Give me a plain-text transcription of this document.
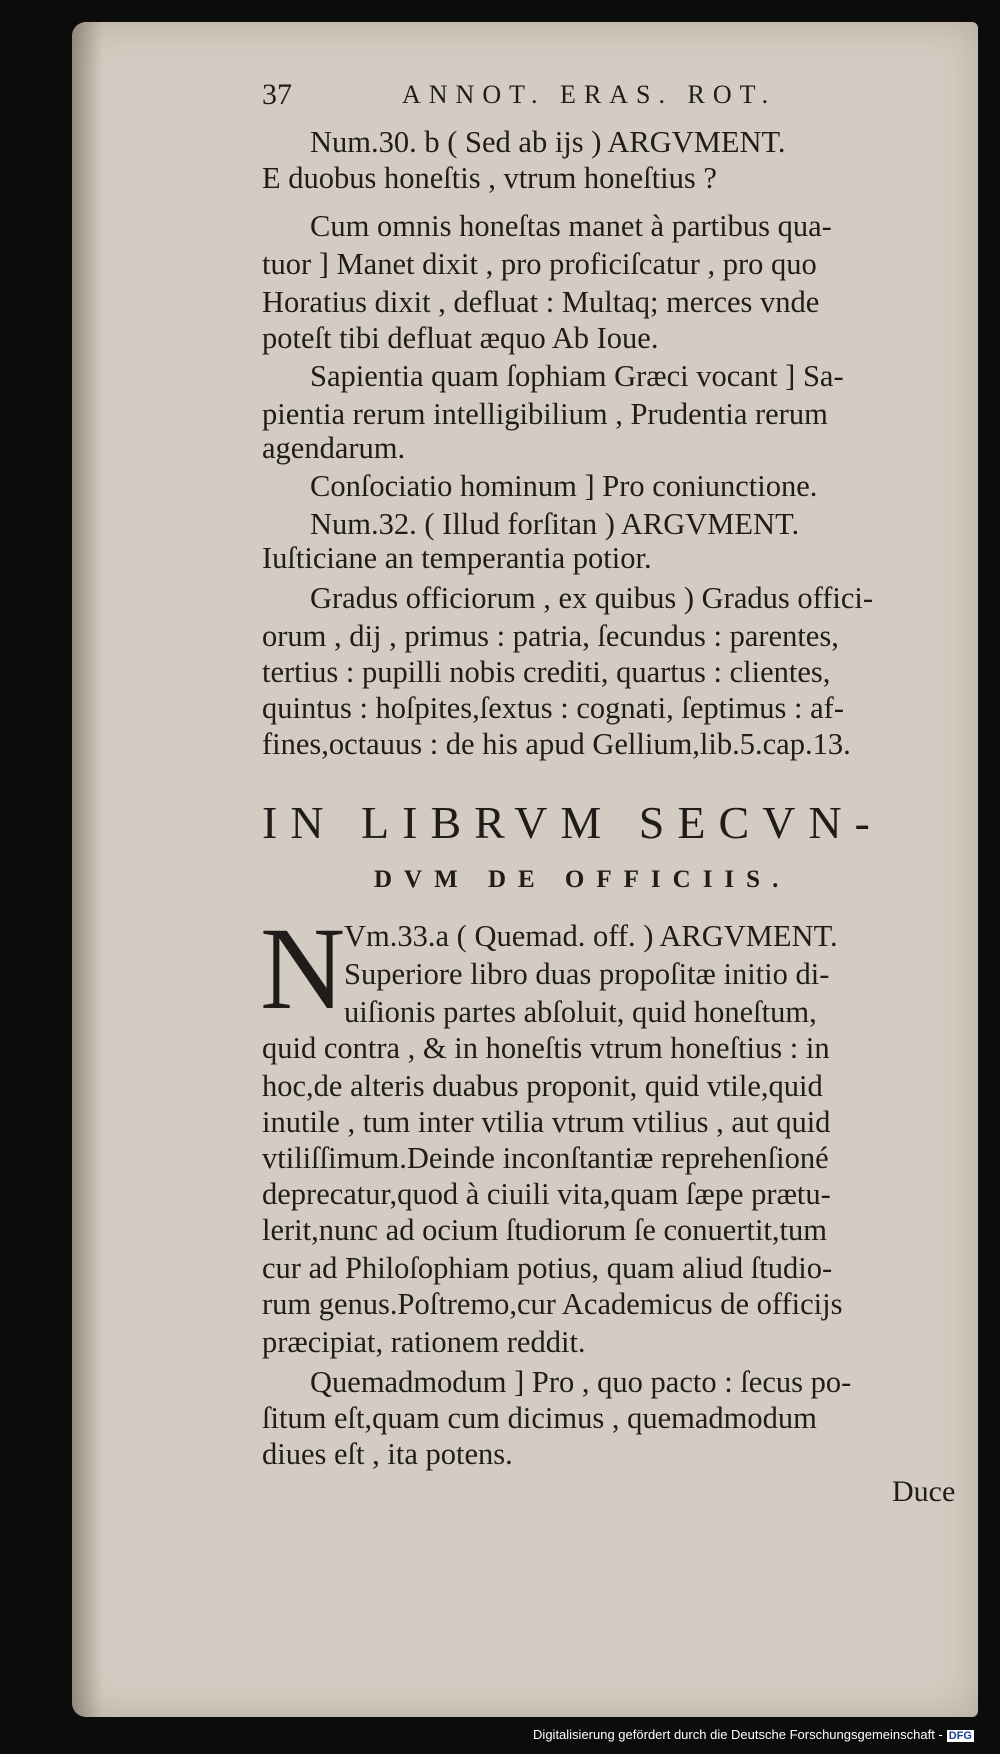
37	ANNOT. ERAS. ROT.
Num.30. b ( Sed ab ijs ) ARGVMENT.
E duobus honeſtis , vtrum honeſtius ?
Cum omnis honeſtas manet à partibus qua-
tuor ] Manet dixit , pro proficiſcatur , pro quo
Horatius dixit , defluat : Multaq; merces vnde
poteſt tibi defluat æquo Ab Ioue.
Sapientia quam ſophiam Græci vocant ] Sa-
pientia rerum intelligibilium , Prudentia rerum
agendarum.
Conſociatio hominum ] Pro coniunctione.
Num.32. ( Illud forſitan ) ARGVMENT.
Iuſticiane an temperantia potior.
Gradus officiorum , ex quibus ) Gradus offici-
orum , dij , primus : patria, ſecundus : parentes,
tertius : pupilli nobis crediti, quartus : clientes,
quintus : hoſpites,ſextus : cognati, ſeptimus : af-
fines,octauus : de his apud Gellium,lib.5.cap.13.
IN LIBRVM SECVN-
DVM DE OFFICIIS.
N
Vm.33.a ( Quemad. off. ) ARGVMENT.
Superiore libro duas propoſitæ initio di-
uiſionis partes abſoluit, quid honeſtum,
quid contra , & in honeſtis vtrum honeſtius : in
hoc,de alteris duabus proponit, quid vtile,quid
inutile , tum inter vtilia vtrum vtilius , aut quid
vtiliſſimum.Deinde inconſtantiæ reprehenſioné
deprecatur,quod à ciuili vita,quam ſæpe prætu-
lerit,nunc ad ocium ſtudiorum ſe conuertit,tum
cur ad Philoſophiam potius, quam aliud ſtudio-
rum genus.Poſtremo,cur Academicus de officijs
præcipiat, rationem reddit.
Quemadmodum ] Pro , quo pacto : ſecus po-
ſitum eſt,quam cum dicimus , quemadmodum
diues eſt , ita potens.
Duce
Digitalisierung gefördert durch die Deutsche Forschungsgemeinschaft - DFG
